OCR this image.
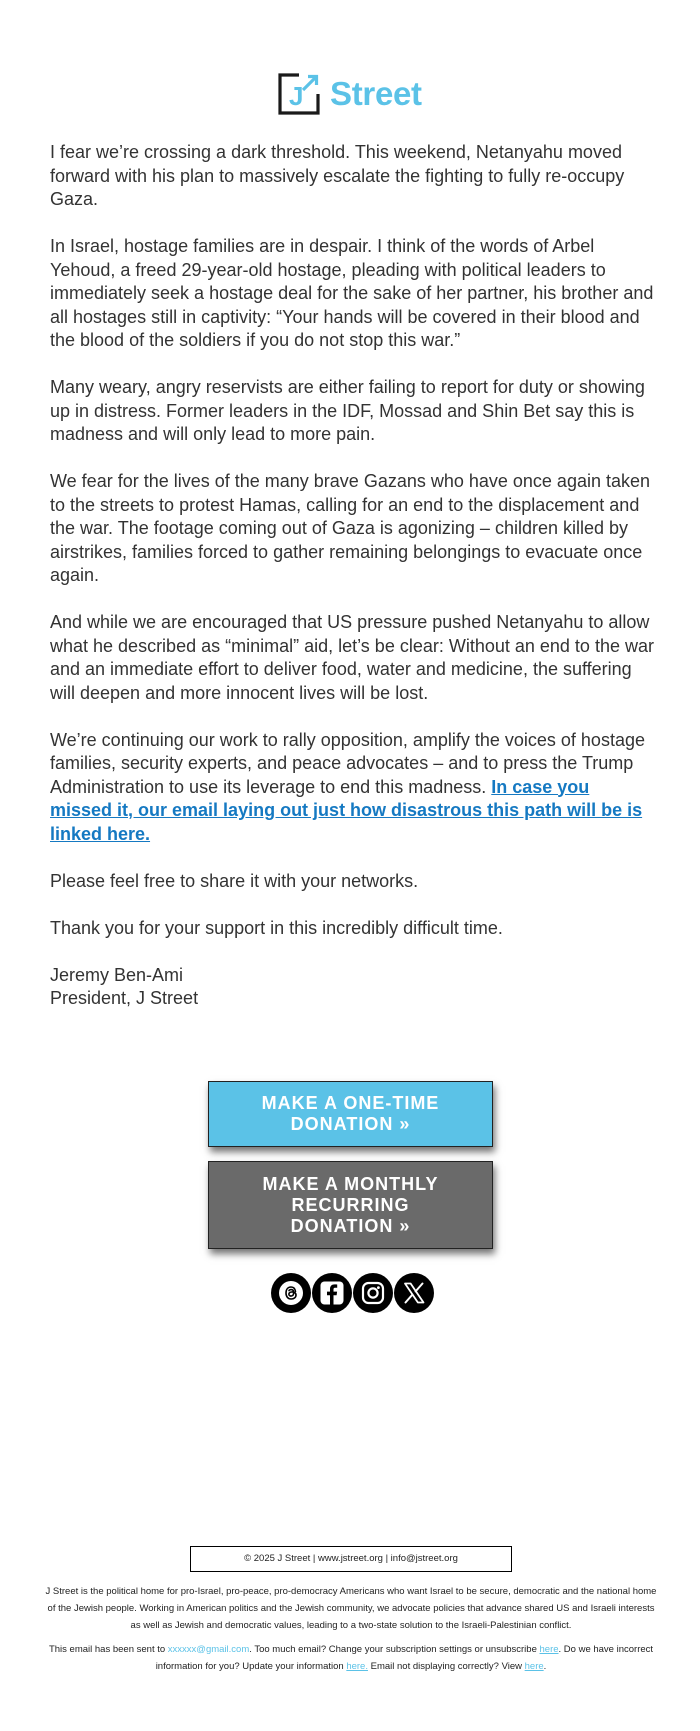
J Street

I fear we’re crossing a dark threshold. This weekend, Netanyahu moved forward with his plan to massively escalate the fighting to fully re-occupy Gaza.

In Israel, hostage families are in despair. I think of the words of Arbel Yehoud, a freed 29-year-old hostage, pleading with political leaders to immediately seek a hostage deal for the sake of her partner, his brother and all hostages still in captivity: “Your hands will be covered in their blood and the blood of the soldiers if you do not stop this war.”

Many weary, angry reservists are either failing to report for duty or showing up in distress. Former leaders in the IDF, Mossad and Shin Bet say this is madness and will only lead to more pain.

We fear for the lives of the many brave Gazans who have once again taken to the streets to protest Hamas, calling for an end to the displacement and the war. The footage coming out of Gaza is agonizing – children killed by airstrikes, families forced to gather remaining belongings to evacuate once again.

And while we are encouraged that US pressure pushed Netanyahu to allow what he described as “minimal” aid, let’s be clear: Without an end to the war and an immediate effort to deliver food, water and medicine, the suffering will deepen and more innocent lives will be lost.

We’re continuing our work to rally opposition, amplify the voices of hostage families, security experts, and peace advocates – and to press the Trump Administration to use its leverage to end this madness. In case you missed it, our email laying out just how disastrous this path will be is linked here.

Please feel free to share it with your networks.

Thank you for your support in this incredibly difficult time.

Jeremy Ben-Ami
President, J Street

MAKE A ONE-TIME DONATION »
MAKE A MONTHLY RECURRING DONATION »
© 2025 J Street | www.jstreet.org | info@jstreet.org
J Street is the political home for pro-Israel, pro-peace, pro-democracy Americans who want Israel to be secure, democratic and the national home of the Jewish people. Working in American politics and the Jewish community, we advocate policies that advance shared US and Israeli interests as well as Jewish and democratic values, leading to a two-state solution to the Israeli-Palestinian conflict.
This email has been sent to xxxxxx@gmail.com. Too much email? Change your subscription settings or unsubscribe here. Do we have incorrect information for you? Update your information here. Email not displaying correctly? View here.
